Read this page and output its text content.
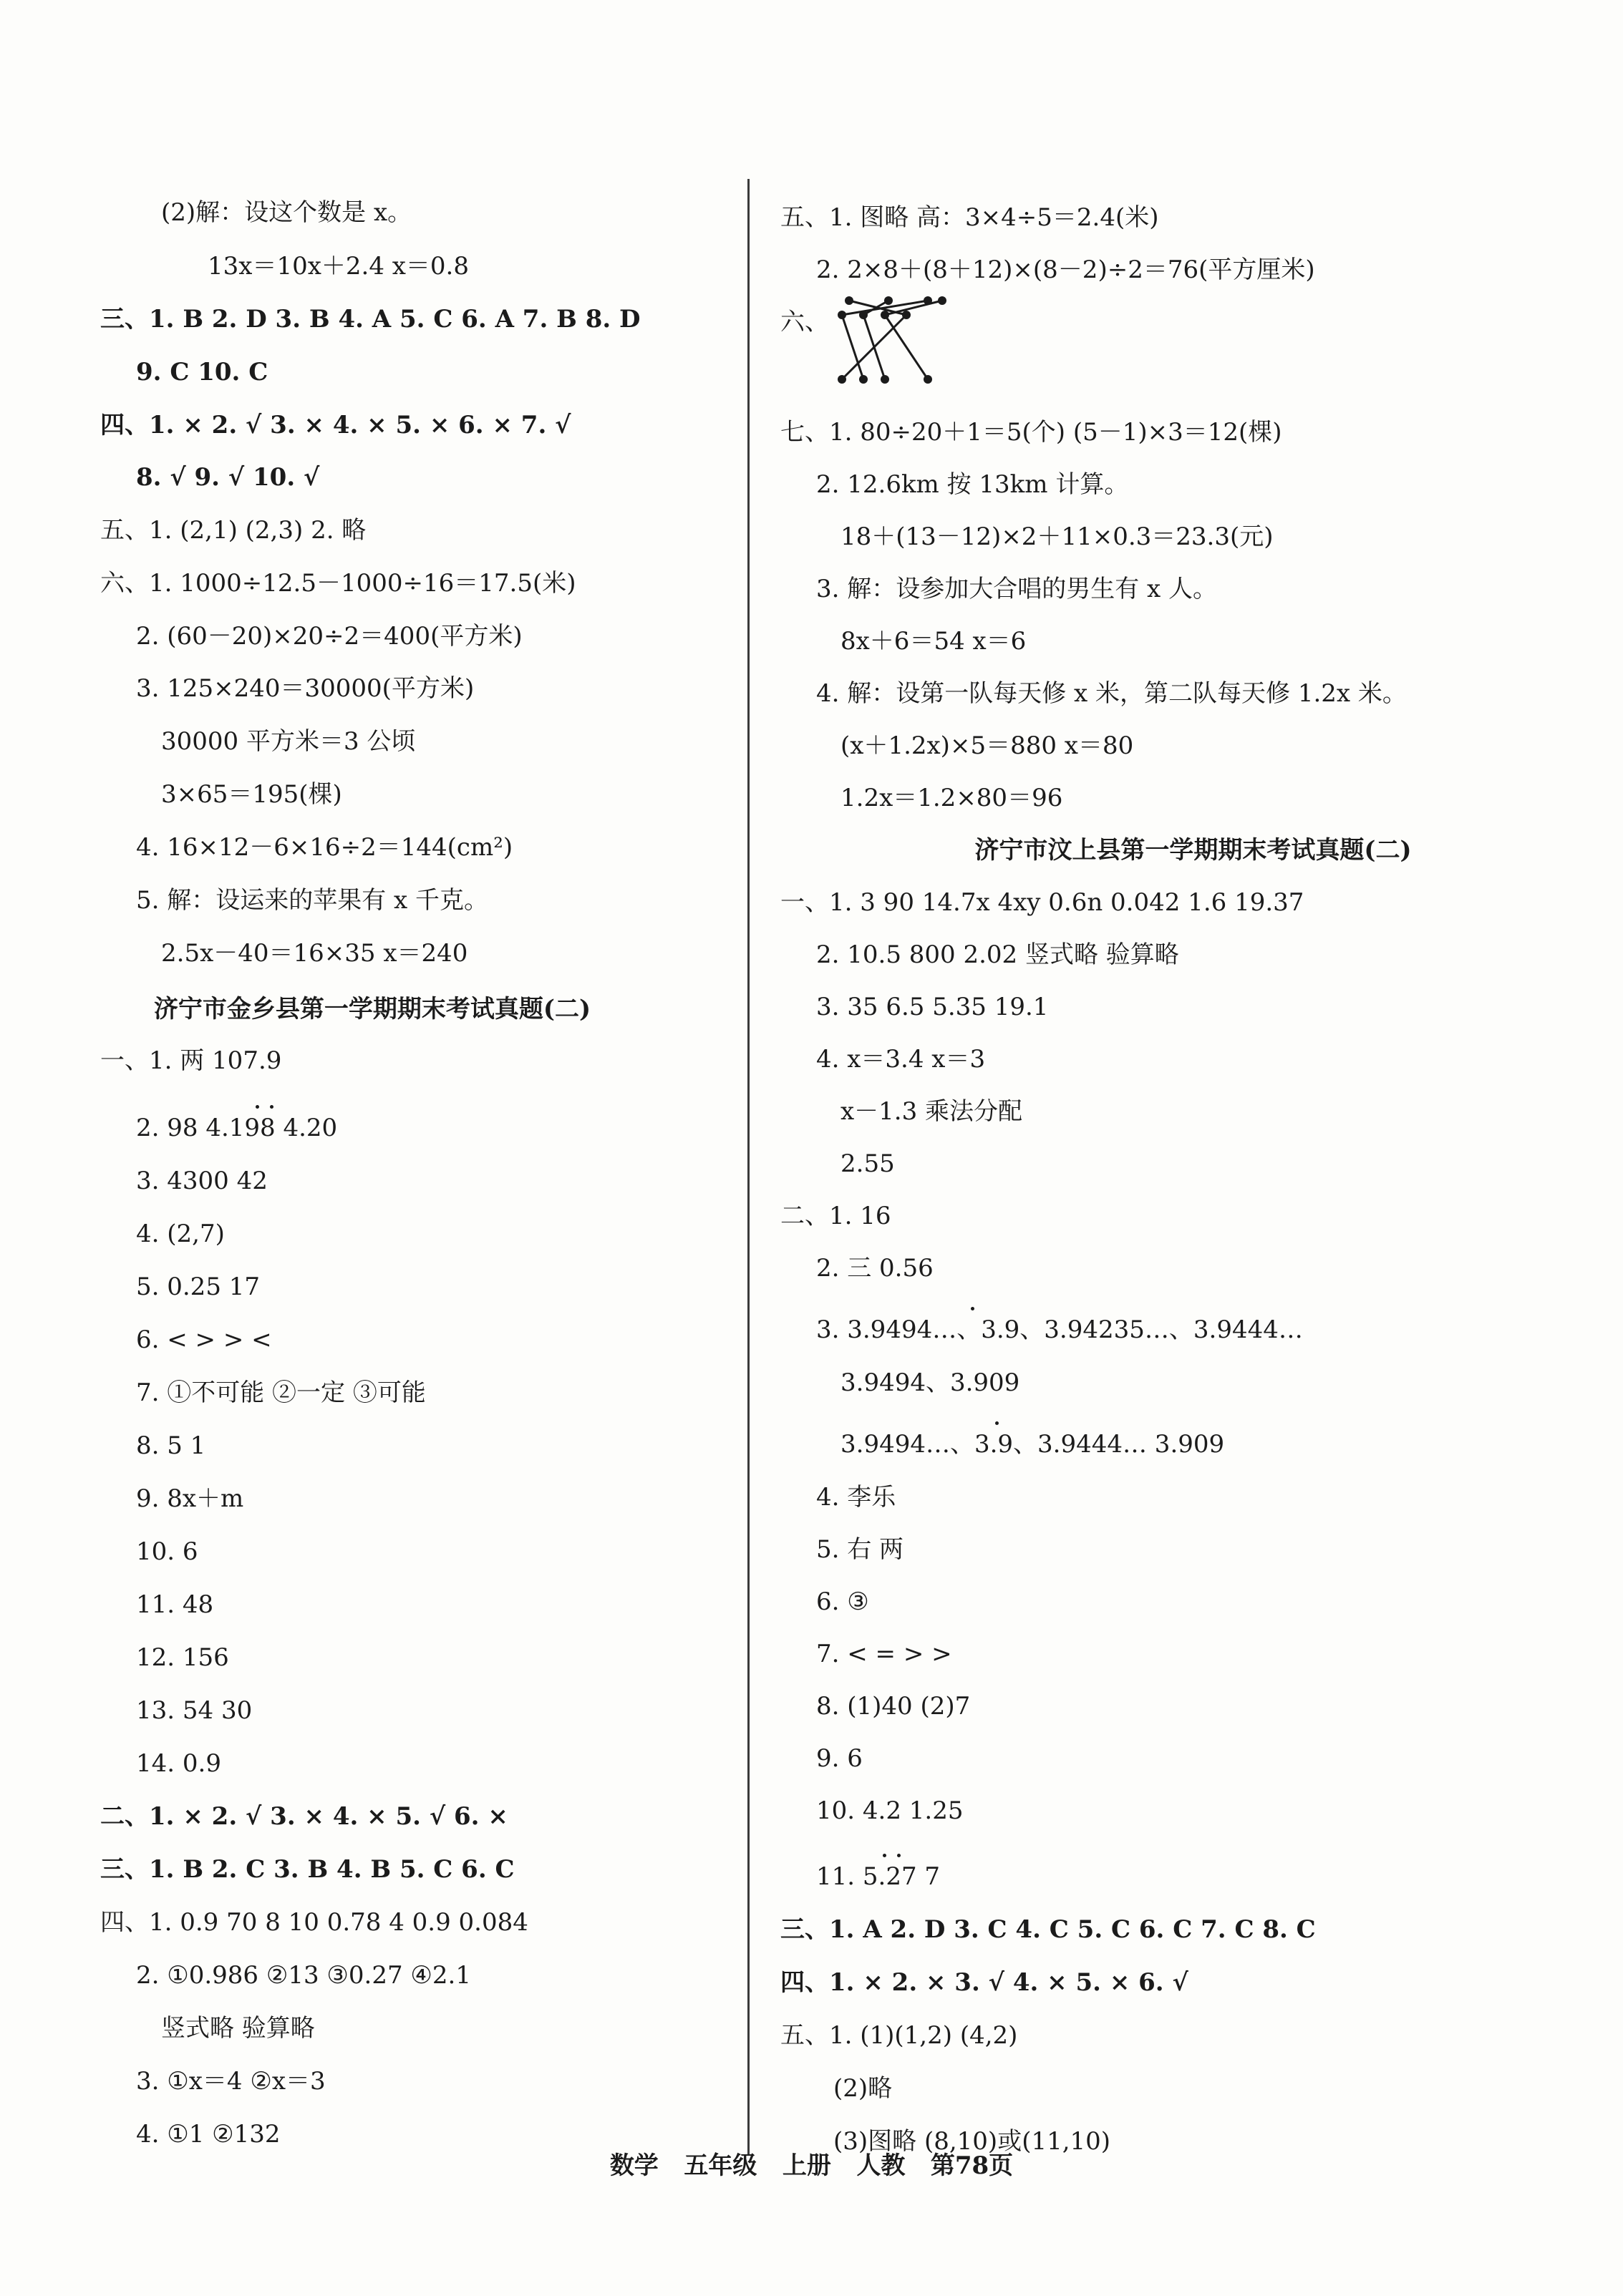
(2)解：设这个数是 x。
13x＝10x＋2.4 x＝0.8
三、1. B 2. D 3. B 4. A 5. C 6. A 7. B 8. D
9. C 10. C
四、1. × 2. √ 3. × 4. × 5. × 6. × 7. √
8. √ 9. √ 10. √
五、1. (2,1) (2,3) 2. 略
六、1. 1000÷12.5－1000÷16＝17.5(米)
2. (60－20)×20÷2＝400(平方米)
3. 125×240＝30000(平方米)
30000 平方米＝3 公顷
3×65＝195(棵)
4. 16×12－6×16÷2＝144(cm²)
5. 解：设运来的苹果有 x 千克。
2.5x－40＝16×35 x＝240
济宁市金乡县第一学期期末考试真题(二)
一、1. 两 107.9
2. 98 4.198 4.20
3. 4300 42
4. (2,7)
5. 0.25 17
6. < > > <
7. ①不可能 ②一定 ③可能
8. 5 1
9. 8x＋m
10. 6
11. 48
12. 156
13. 54 30
14. 0.9
二、1. × 2. √ 3. × 4. × 5. √ 6. ×
三、1. B 2. C 3. B 4. B 5. C 6. C
四、1. 0.9 70 8 10 0.78 4 0.9 0.084
2. ①0.986 ②13 ③0.27 ④2.1
竖式略 验算略
3. ①x＝4 ②x＝3
4. ①1 ②132
五、1. 图略 高：3×4÷5＝2.4(米)
2. 2×8＋(8＋12)×(8－2)÷2＝76(平方厘米)
六、
七、1. 80÷20＋1＝5(个) (5－1)×3＝12(棵)
2. 12.6km 按 13km 计算。
18＋(13－12)×2＋11×0.3＝23.3(元)
3. 解：设参加大合唱的男生有 x 人。
8x＋6＝54 x＝6
4. 解：设第一队每天修 x 米，第二队每天修 1.2x 米。
(x＋1.2x)×5＝880 x＝80
1.2x＝1.2×80＝96
济宁市汶上县第一学期期末考试真题(二)
一、1. 3 90 14.7x 4xy 0.6n 0.042 1.6 19.37
2. 10.5 800 2.02 竖式略 验算略
3. 35 6.5 5.35 19.1
4. x＝3.4 x＝3
x－1.3 乘法分配
2.55
二、1. 16
2. 三 0.56
3. 3.9494…、3.9、3.94235…、3.9444…
3.9494、3.909
3.9494…、3.9、3.9444… 3.909
4. 李乐
5. 右 两
6. ③
7. < = > >
8. (1)40 (2)7
9. 6
10. 4.2 1.25
11. 5.27 7
三、1. A 2. D 3. C 4. C 5. C 6. C 7. C 8. C
四、1. × 2. × 3. √ 4. × 5. × 6. √
五、1. (1)(1,2) (4,2)
(2)略
(3)图略 (8,10)或(11,10)
数学   五年级   上册   人教   第78页
